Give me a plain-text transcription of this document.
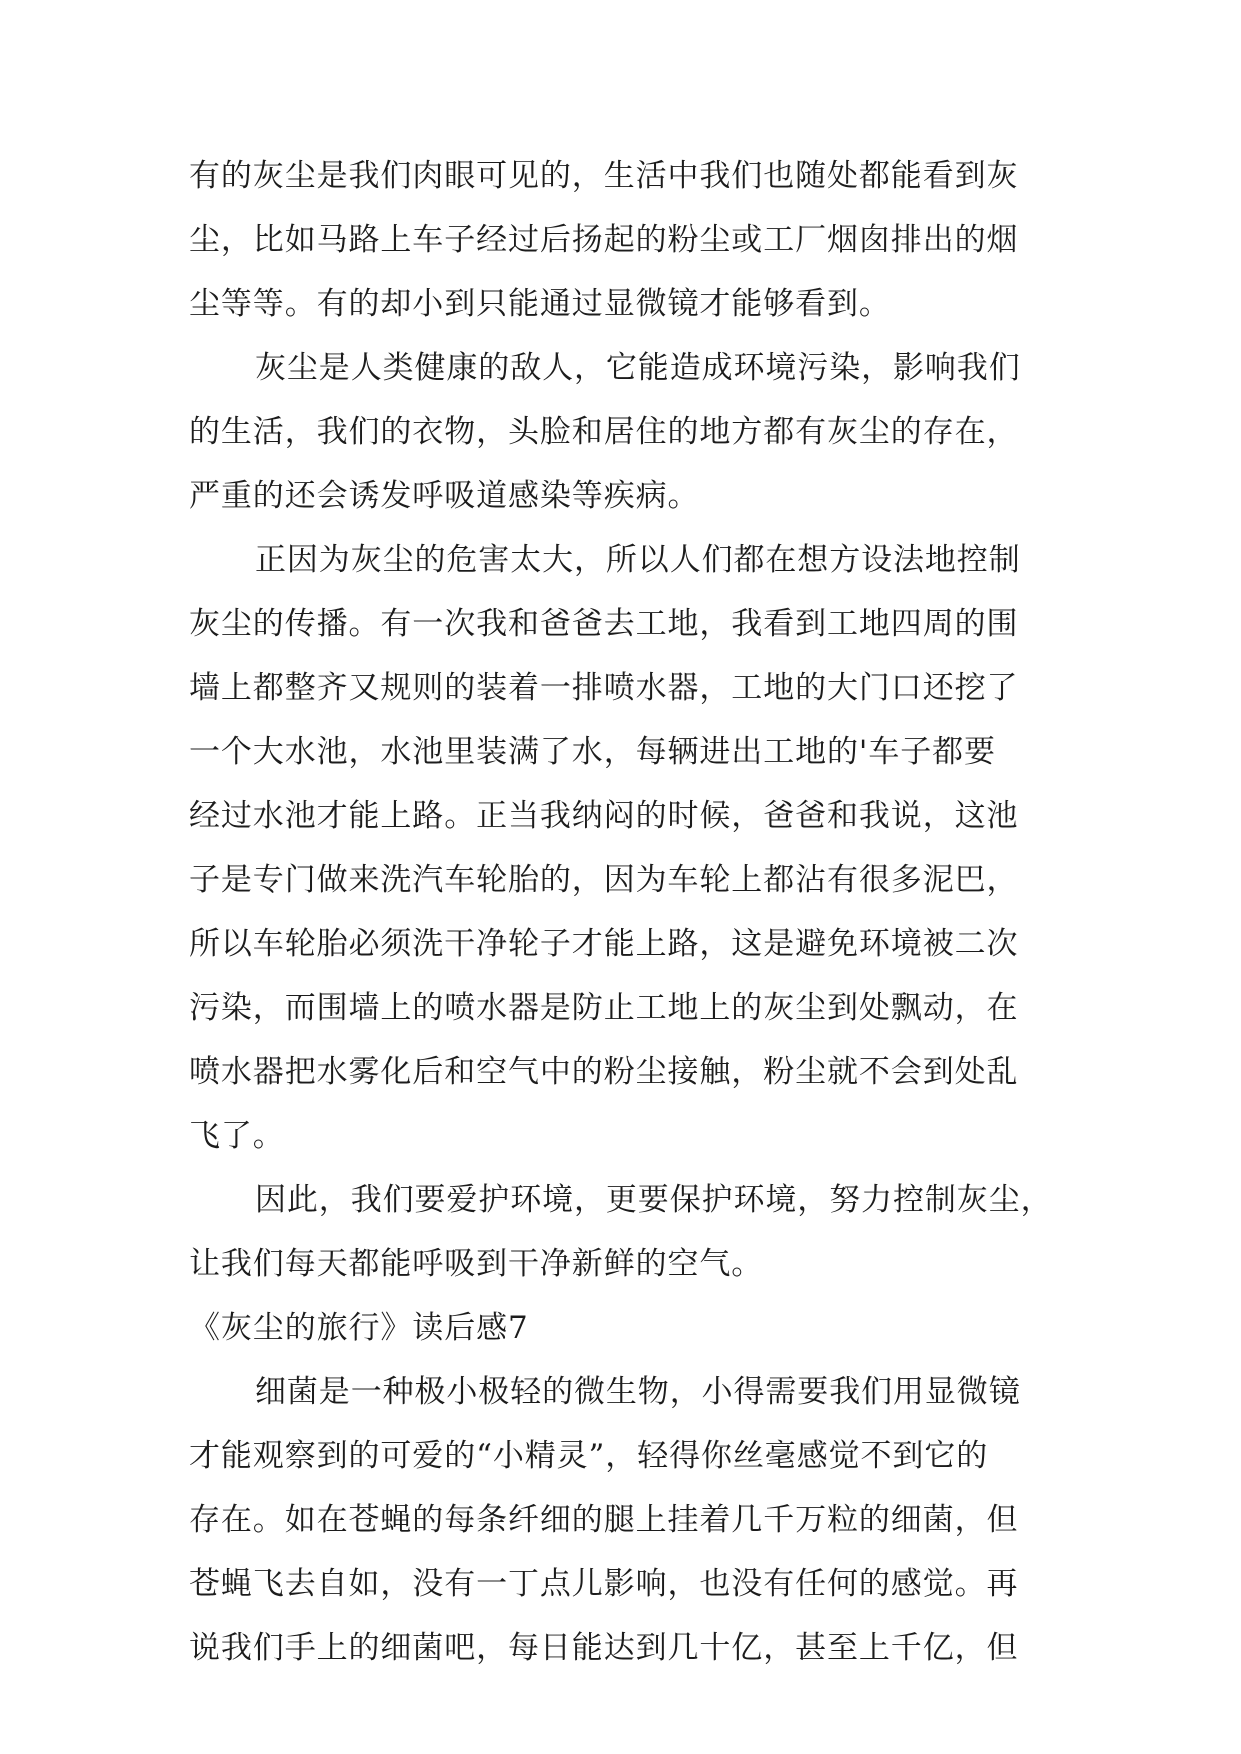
有的灰尘是我们肉眼可见的，生活中我们也随处都能看到灰
尘，比如马路上车子经过后扬起的粉尘或工厂烟囱排出的烟
尘等等。有的却小到只能通过显微镜才能够看到。
灰尘是人类健康的敌人，它能造成环境污染，影响我们
的生活，我们的衣物，头脸和居住的地方都有灰尘的存在，
严重的还会诱发呼吸道感染等疾病。
正因为灰尘的危害太大，所以人们都在想方设法地控制
灰尘的传播。有一次我和爸爸去工地，我看到工地四周的围
墙上都整齐又规则的装着一排喷水器，工地的大门口还挖了
一个大水池，水池里装满了水，每辆进出工地的'车子都要
经过水池才能上路。正当我纳闷的时候，爸爸和我说，这池
子是专门做来洗汽车轮胎的，因为车轮上都沾有很多泥巴，
所以车轮胎必须洗干净轮子才能上路，这是避免环境被二次
污染，而围墙上的喷水器是防止工地上的灰尘到处飘动，在
喷水器把水雾化后和空气中的粉尘接触，粉尘就不会到处乱
飞了。
因此，我们要爱护环境，更要保护环境，努力控制灰尘，
让我们每天都能呼吸到干净新鲜的空气。
《灰尘的旅行》读后感7
细菌是一种极小极轻的微生物，小得需要我们用显微镜
才能观察到的可爱的“小精灵”，轻得你丝毫感觉不到它的
存在。如在苍蝇的每条纤细的腿上挂着几千万粒的细菌，但
苍蝇飞去自如，没有一丁点儿影响，也没有任何的感觉。再
说我们手上的细菌吧，每日能达到几十亿，甚至上千亿，但
